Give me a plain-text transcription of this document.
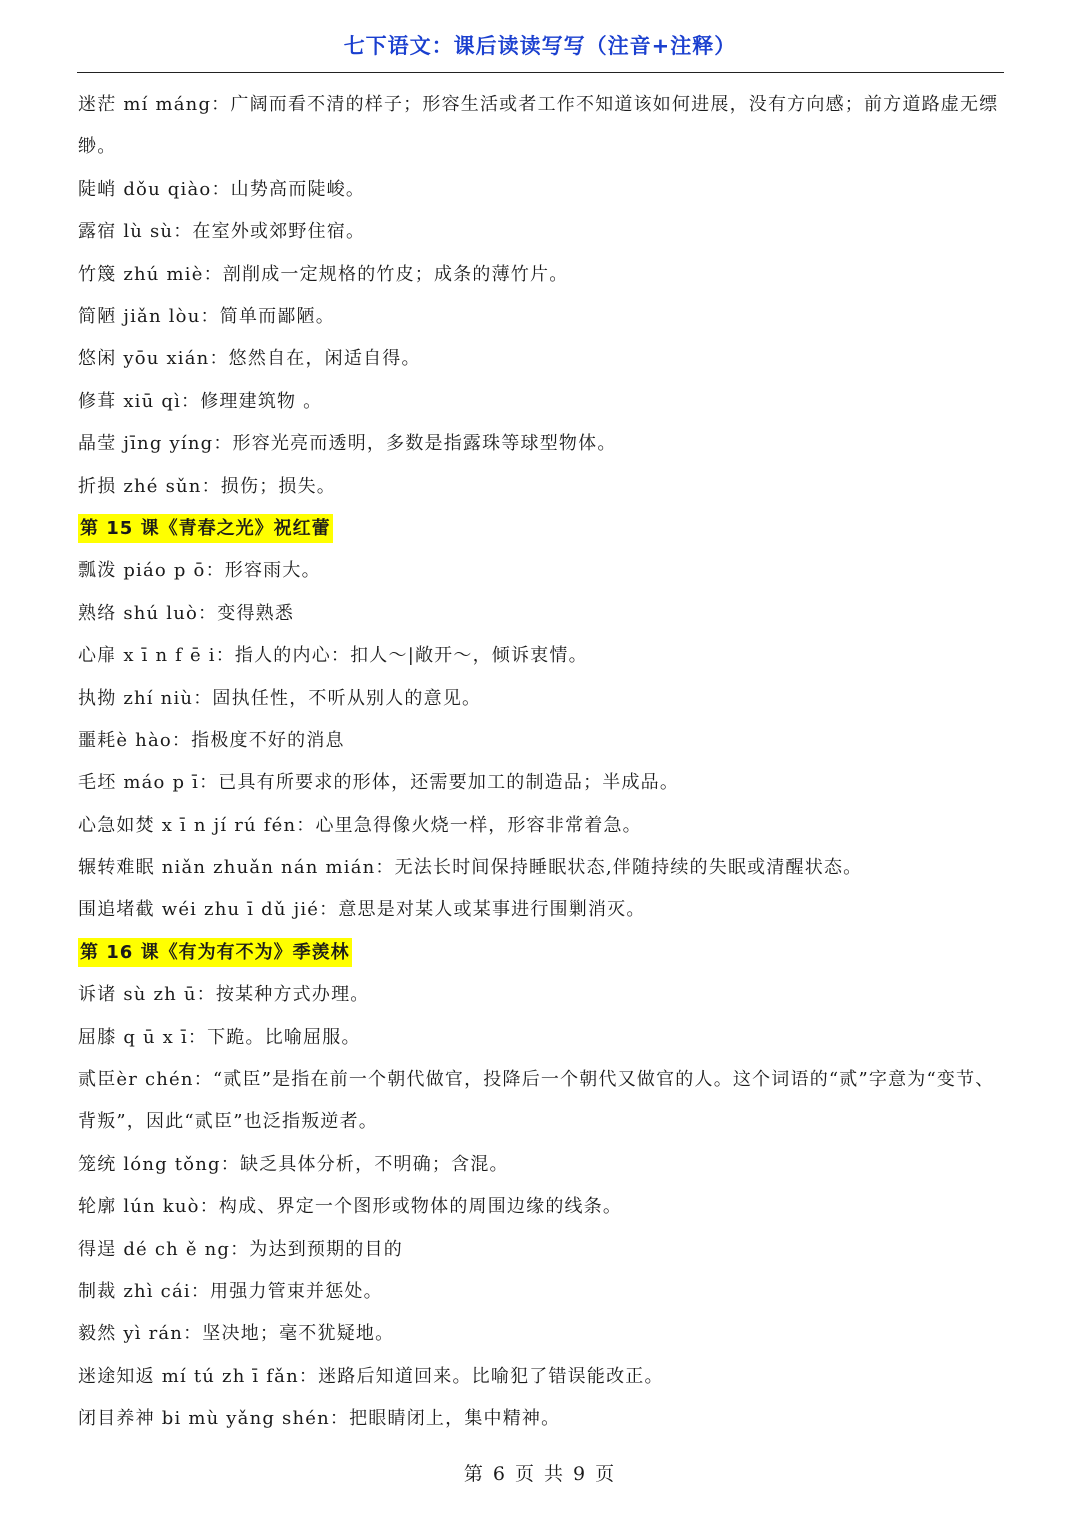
七下语文：课后读读写写（注音+注释）
迷茫 mí máng：广阔而看不清的样子；形容生活或者工作不知道该如何进展，没有方向感；前方道路虚无缥缈。
陡峭 dǒu qiào：山势高而陡峻。
露宿 lù sù：在室外或郊野住宿。
竹篾 zhú miè：剖削成一定规格的竹皮；成条的薄竹片。
简陋 jiǎn lòu：简单而鄙陋。
悠闲 yōu xián：悠然自在，闲适自得。
修葺 xiū qì：修理建筑物 。
晶莹 jīng yíng：形容光亮而透明，多数是指露珠等球型物体。
折损 zhé sǔn：损伤；损失。
第 15 课《青春之光》祝红蕾
瓢泼 piáo p ō：形容雨大。
熟络 shú luò：变得熟悉
心扉 x ī n f ē i：指人的内心：扣人～|敞开～，倾诉衷情。
执拗 zhí niù：固执任性，不听从别人的意见。
噩耗è hào：指极度不好的消息
毛坯 máo p ī：已具有所要求的形体，还需要加工的制造品；半成品。
心急如焚 x ī n jí rú fén：心里急得像火烧一样，形容非常着急。
辗转难眠 niǎn zhuǎn nán mián：无法长时间保持睡眠状态,伴随持续的失眠或清醒状态。
围追堵截 wéi zhu ī dǔ jié：意思是对某人或某事进行围剿消灭。
第 16 课《有为有不为》季羡林
诉诸 sù zh ū：按某种方式办理。
屈膝 q ū x ī：下跪。比喻屈服。
贰臣èr chén：“贰臣”是指在前一个朝代做官，投降后一个朝代又做官的人。这个词语的“贰”字意为“变节、背叛”，因此“贰臣”也泛指叛逆者。
笼统 lóng tǒng：缺乏具体分析，不明确；含混。
轮廓 lún kuò：构成、界定一个图形或物体的周围边缘的线条。
得逞 dé ch ě ng：为达到预期的目的
制裁 zhì cái：用强力管束并惩处。
毅然 yì rán：坚决地；毫不犹疑地。
迷途知返 mí tú zh ī fǎn：迷路后知道回来。比喻犯了错误能改正。
闭目养神 bi mù yǎng shén：把眼睛闭上，集中精神。
第 6 页 共 9 页
